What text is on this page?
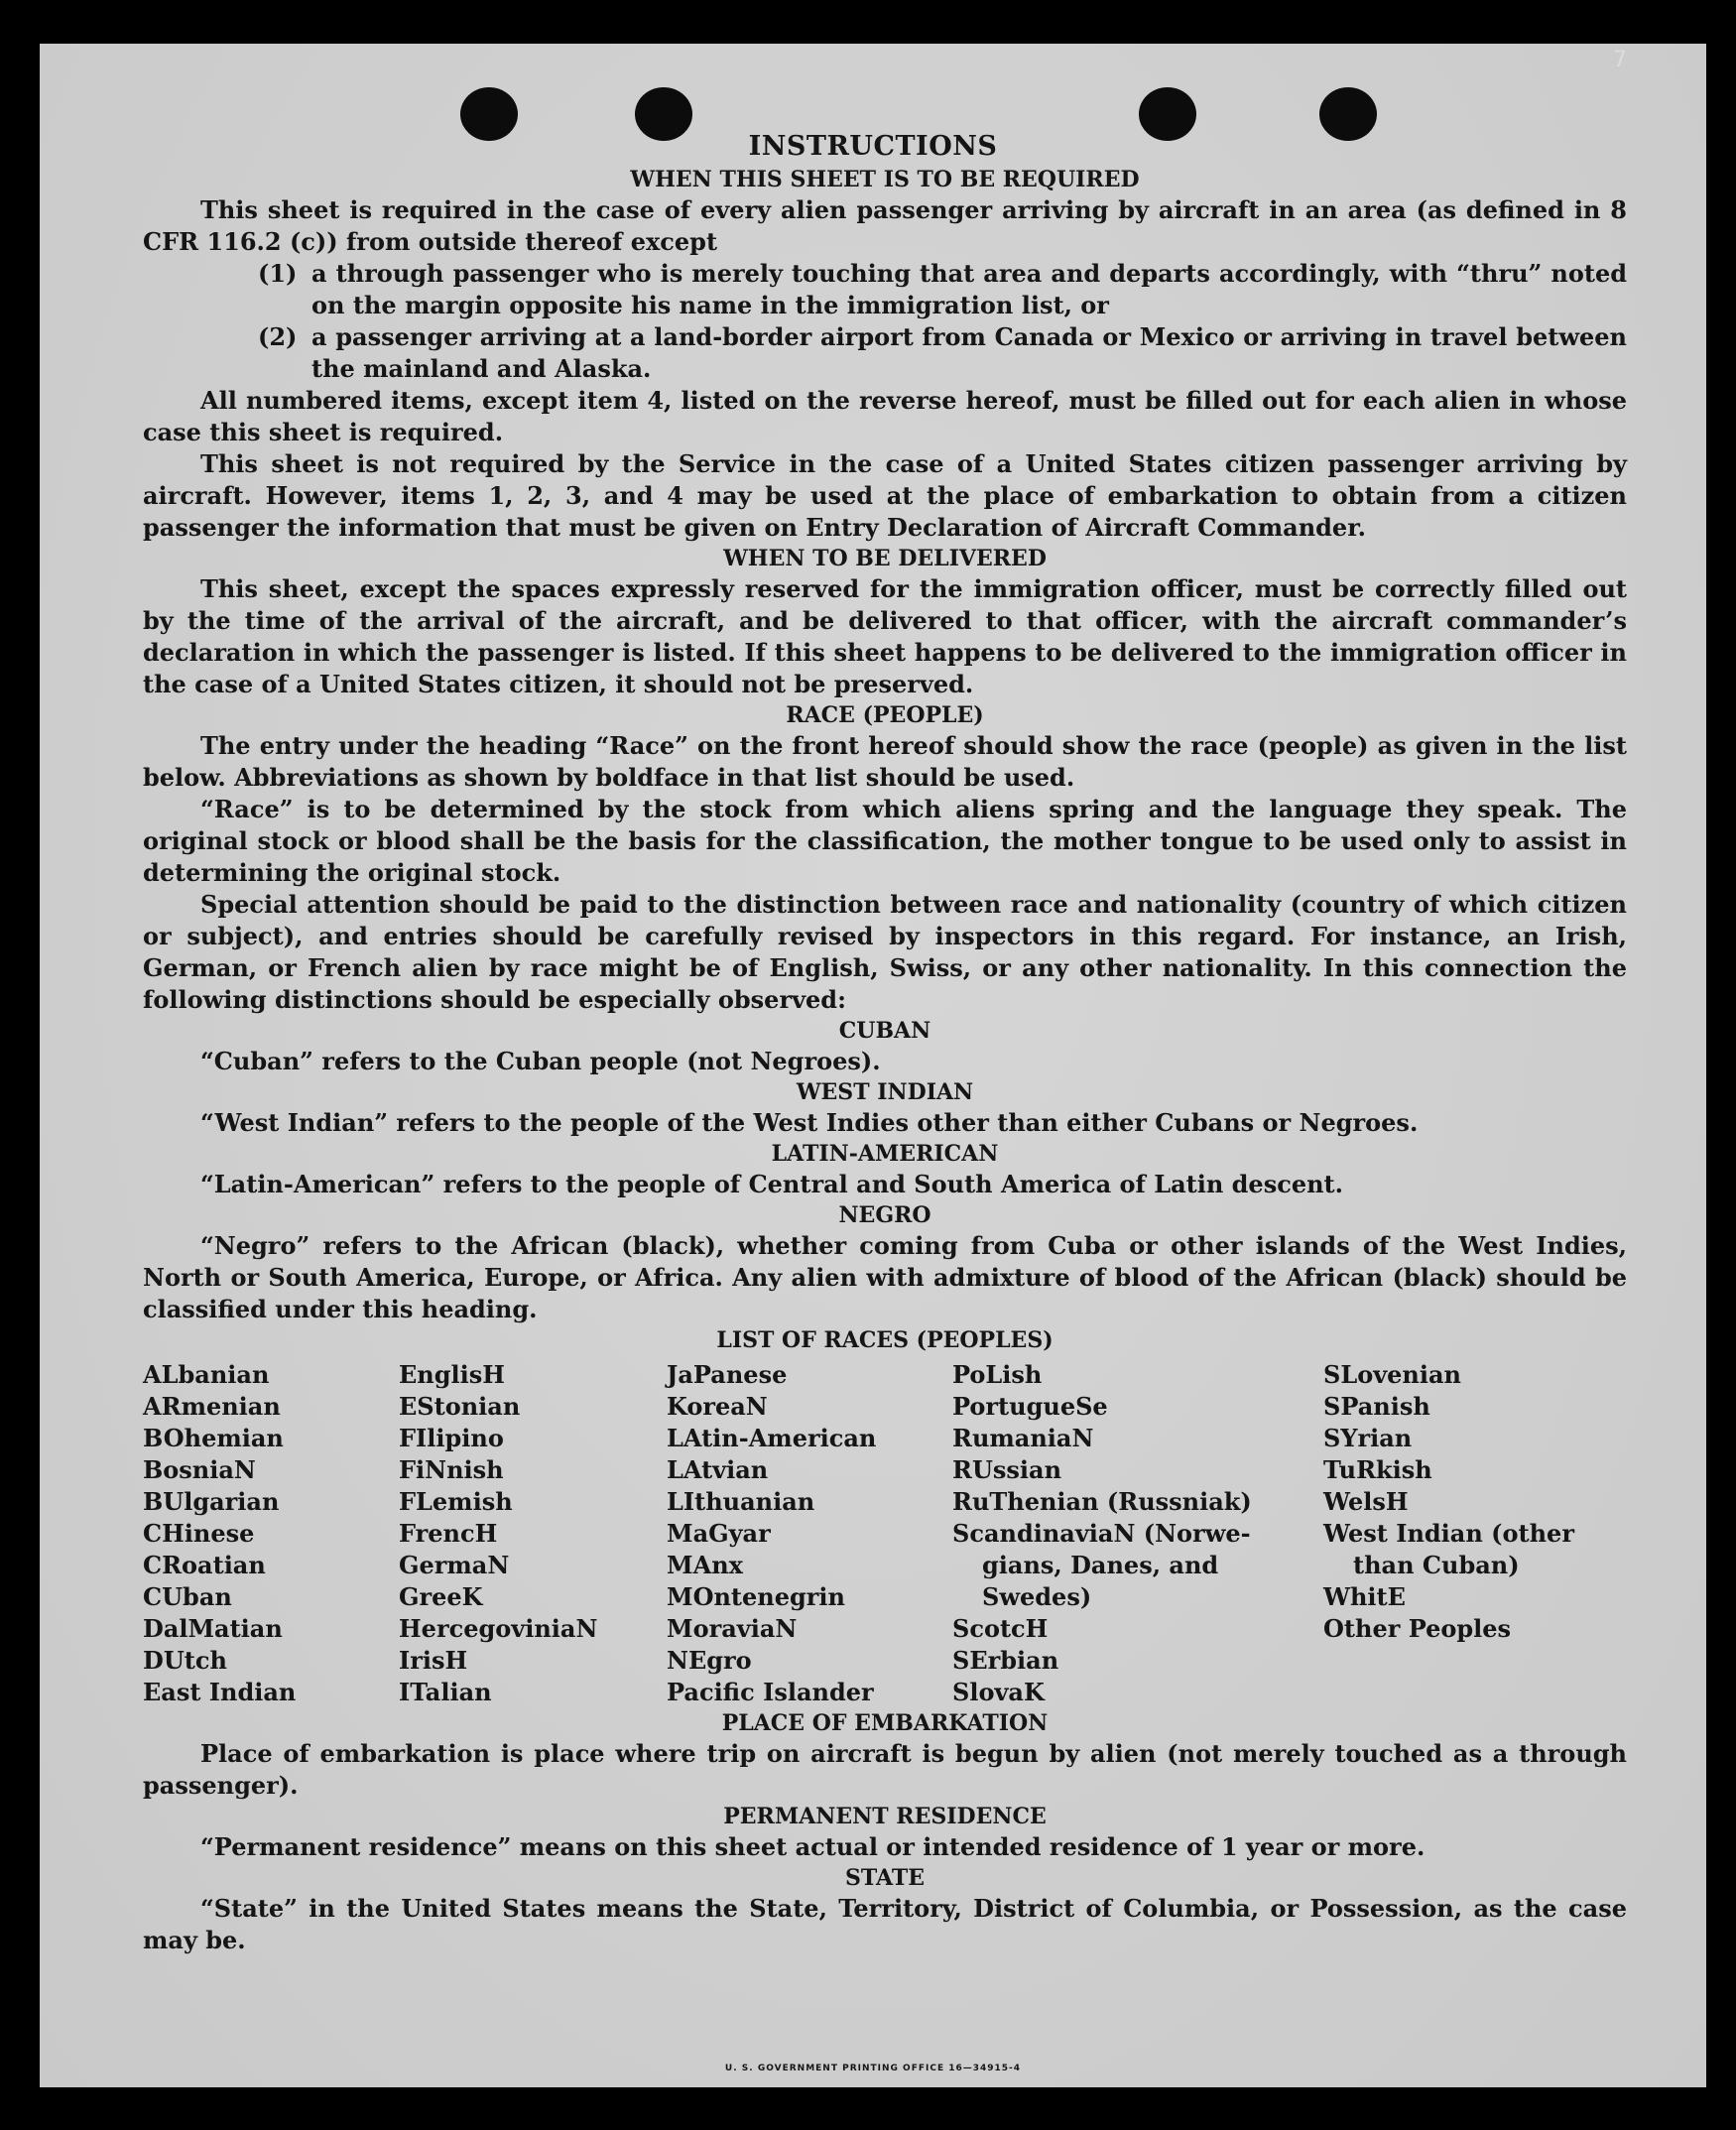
7
INSTRUCTIONS
WHEN THIS SHEET IS TO BE REQUIRED

This sheet is required in the case of every alien passenger arriving by aircraft in an area (as defined in 8 CFR 116.2 (c)) from outside thereof except

(1) a through passenger who is merely touching that area and departs accordingly, with “thru” noted on the margin opposite his name in the immigration list, or
(2) a passenger arriving at a land-border airport from Canada or Mexico or arriving in travel between the mainland and Alaska.

All numbered items, except item 4, listed on the reverse hereof, must be filled out for each alien in whose case this sheet is required.

This sheet is not required by the Service in the case of a United States citizen passenger arriving by aircraft. However, items 1, 2, 3, and 4 may be used at the place of embarkation to obtain from a citizen passenger the information that must be given on Entry Declaration of Aircraft Commander.

WHEN TO BE DELIVERED

This sheet, except the spaces expressly reserved for the immigration officer, must be correctly filled out by the time of the arrival of the aircraft, and be delivered to that officer, with the aircraft commander’s declaration in which the passenger is listed. If this sheet happens to be delivered to the immigration officer in the case of a United States citizen, it should not be preserved.

RACE (PEOPLE)

The entry under the heading “Race” on the front hereof should show the race (people) as given in the list below. Abbreviations as shown by boldface in that list should be used.

“Race” is to be determined by the stock from which aliens spring and the language they speak. The original stock or blood shall be the basis for the classification, the mother tongue to be used only to assist in determining the original stock.

Special attention should be paid to the distinction between race and nationality (country of which citizen or subject), and entries should be carefully revised by inspectors in this regard. For instance, an Irish, German, or French alien by race might be of English, Swiss, or any other nationality. In this connection the following distinctions should be especially observed:

CUBAN

“Cuban” refers to the Cuban people (not Negroes).

WEST INDIAN

“West Indian” refers to the people of the West Indies other than either Cubans or Negroes.

LATIN-AMERICAN

“Latin-American” refers to the people of Central and South America of Latin descent.

NEGRO

“Negro” refers to the African (black), whether coming from Cuba or other islands of the West Indies, North or South America, Europe, or Africa. Any alien with admixture of blood of the African (black) should be classified under this heading.

LIST OF RACES (PEOPLES)
ALbanian
ARmenian
BOhemian
BosniaN
BUlgarian
CHinese
CRoatian
CUban
DalMatian
DUtch
East Indian
EnglisH
EStonian
FIlipino
FiNnish
FLemish
FrencH
GermaN
GreeK
HercegoviniaN
IrisH
ITalian
JaPanese
KoreaN
LAtin-American
LAtvian
LIthuanian
MaGyar
MAnx
MOntenegrin
MoraviaN
NEgro
Pacific Islander
PoLish
PortugueSe
RumaniaN
RUssian
RuThenian (Russniak)
ScandinaviaN (Norwe-
gians, Danes, and
Swedes)
ScotcH
SErbian
SlovaK
SLovenian
SPanish
SYrian
TuRkish
WelsH
West Indian (other
than Cuban)
WhitE
Other Peoples
PLACE OF EMBARKATION

Place of embarkation is place where trip on aircraft is begun by alien (not merely touched as a through passenger).

PERMANENT RESIDENCE

“Permanent residence” means on this sheet actual or intended residence of 1 year or more.

STATE

“State” in the United States means the State, Territory, District of Columbia, or Possession, as the case may be.

U. S. GOVERNMENT PRINTING OFFICE 16—34915-4
